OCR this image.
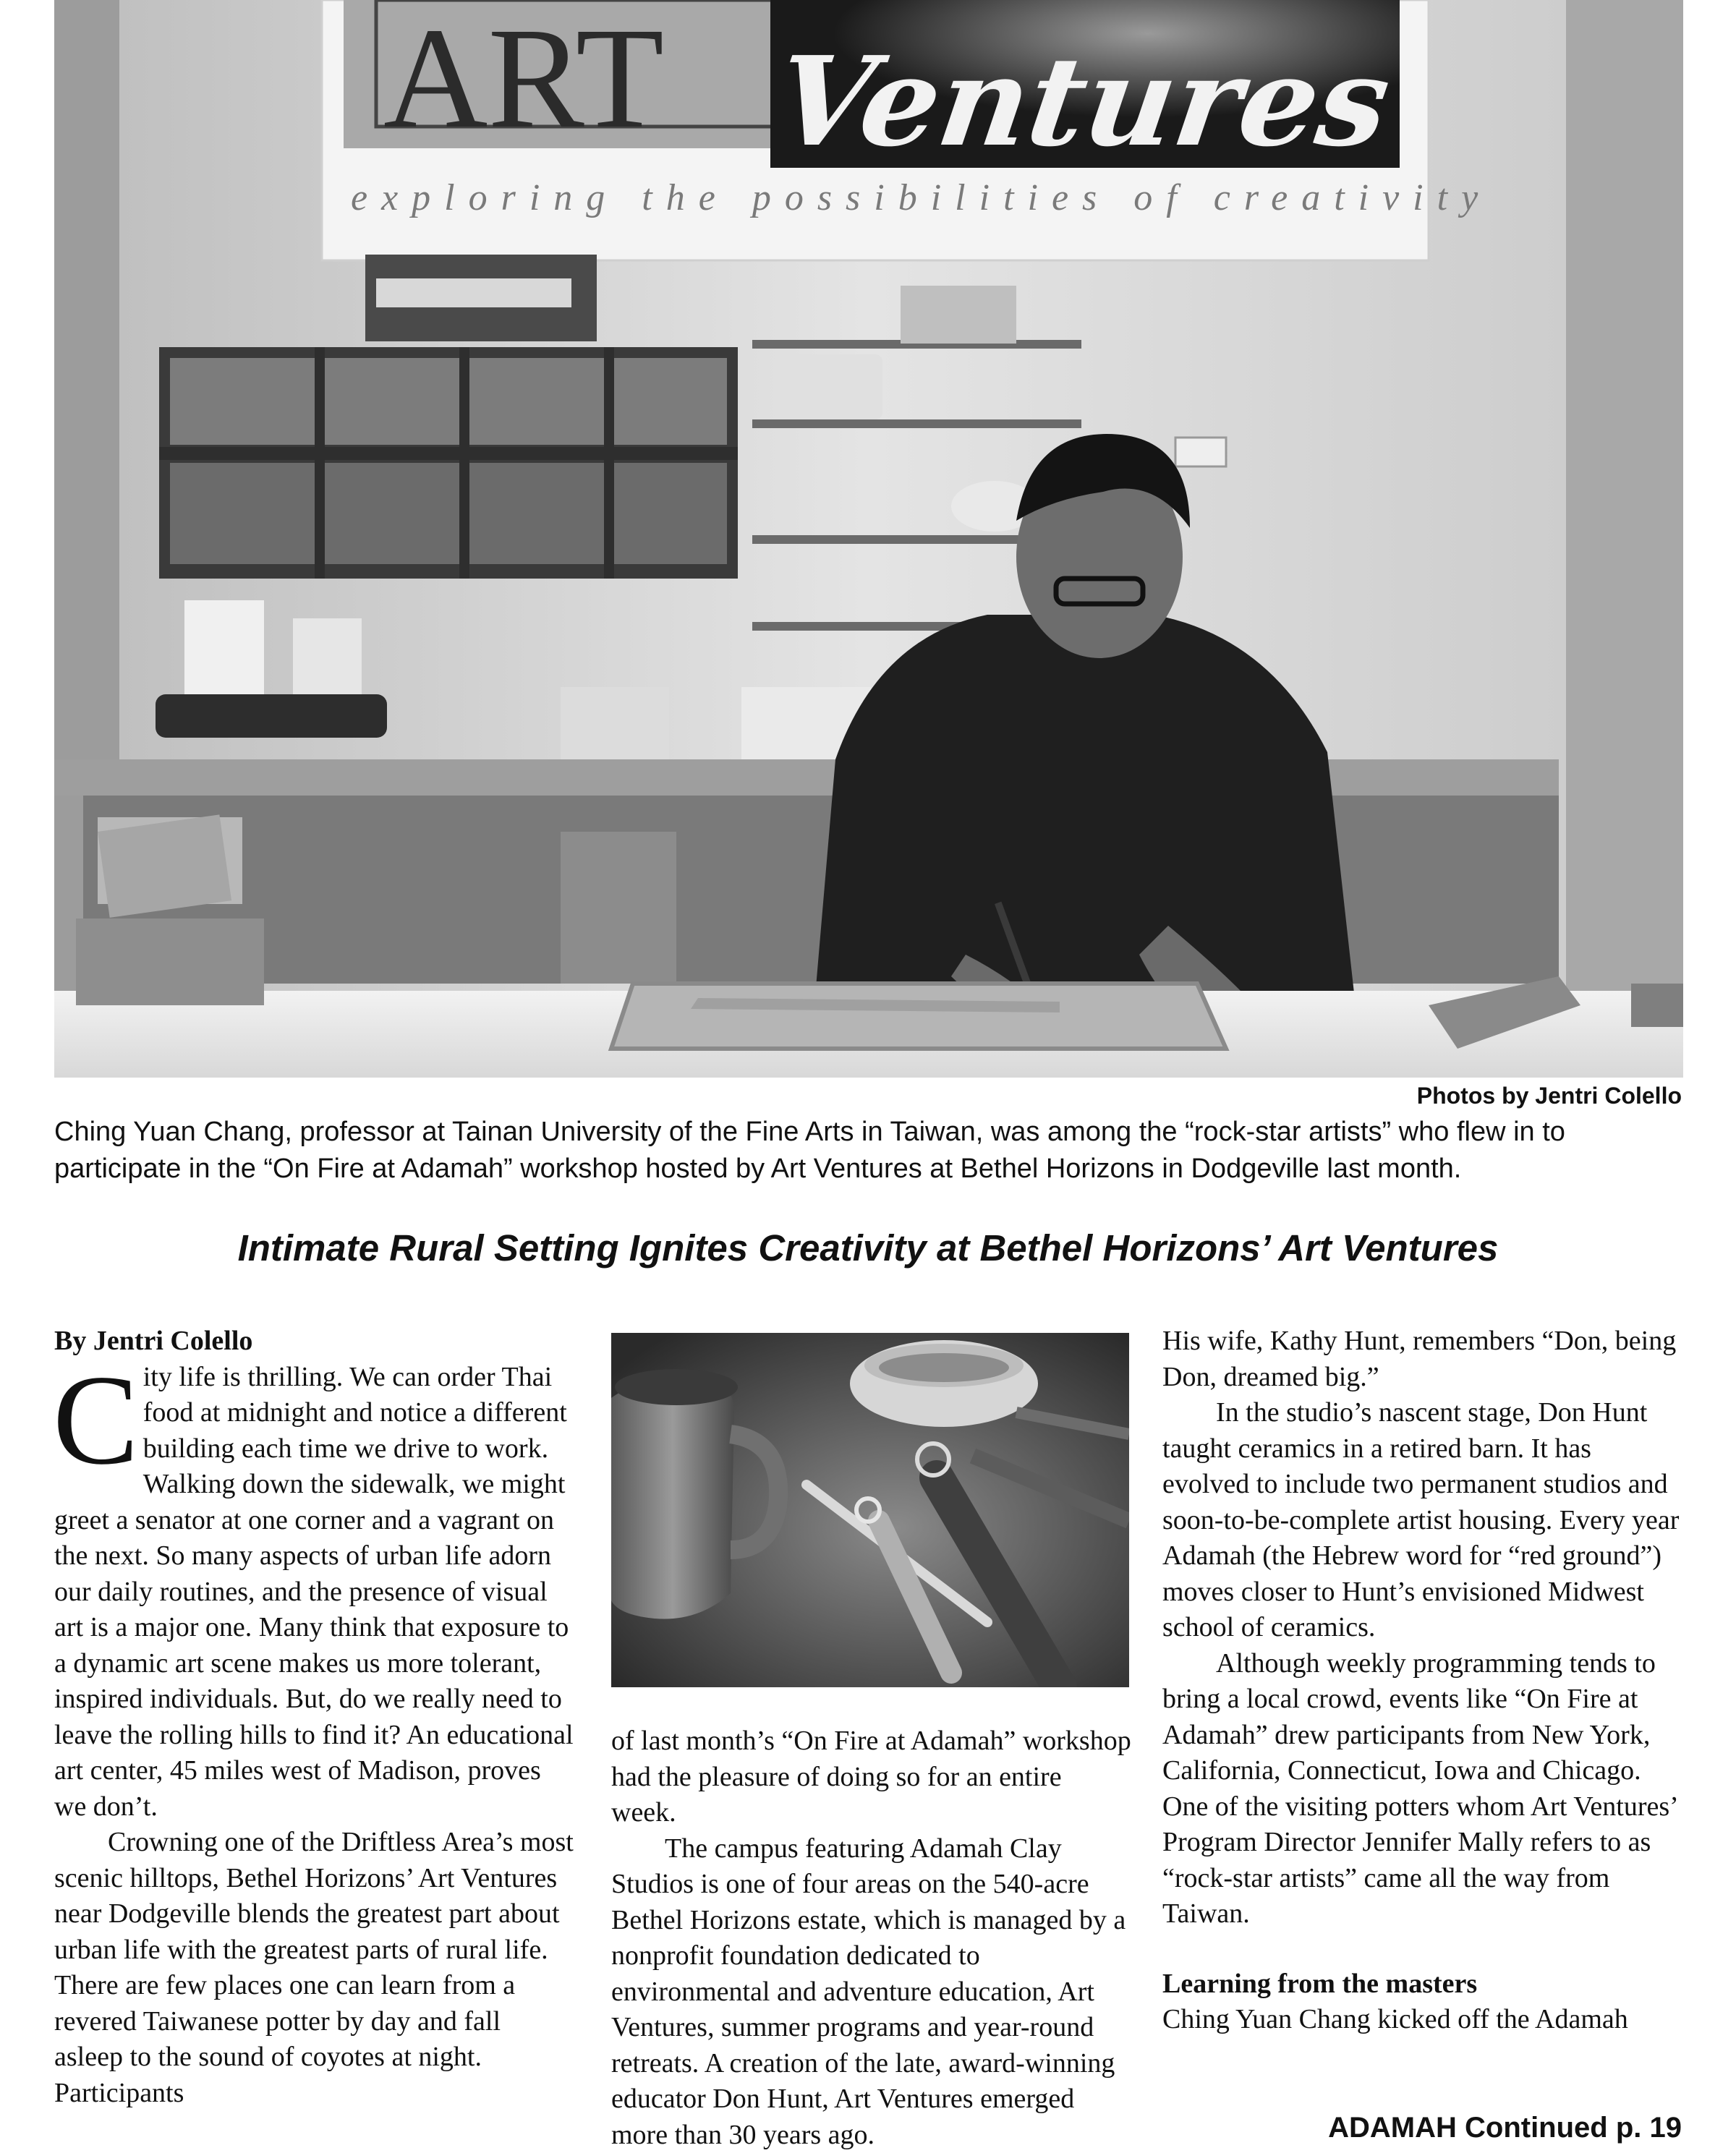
ART Ventures
exploring the possibilities of creativity
Photos by Jentri Colello
Ching Yuan Chang, professor at Tainan University of the Fine Arts in Taiwan, was among the “rock-star artists” who flew in to participate in the “On Fire at Adamah” workshop hosted by Art Ventures at Bethel Horizons in Dodgeville last month.
Intimate Rural Setting Ignites Creativity at Bethel Horizons’ Art Ventures

By Jentri Colello

City life is thrilling. We can order Thai food at midnight and notice a different building each time we drive to work. Walking down the sidewalk, we might greet a senator at one corner and a vagrant on the next. So many aspects of urban life adorn our daily routines, and the presence of visual art is a major one. Many think that exposure to a dynamic art scene makes us more tolerant, inspired individuals. But, do we really need to leave the rolling hills to find it? An educational art center, 45 miles west of Madison, proves we don’t.

Crowning one of the Driftless Area’s most scenic hilltops, Bethel Horizons’ Art Ventures near Dodgeville blends the greatest part about urban life with the greatest parts of rural life. There are few places one can learn from a revered Taiwanese potter by day and fall asleep to the sound of coyotes at night. Participants

of last month’s “On Fire at Adamah” workshop had the pleasure of doing so for an entire week.

The campus featuring Adamah Clay Studios is one of four areas on the 540-acre Bethel Horizons estate, which is managed by a nonprofit foundation dedicated to environmental and adventure education, Art Ventures, summer programs and year-round retreats. A creation of the late, award-winning educator Don Hunt, Art Ventures emerged more than 30 years ago.

His wife, Kathy Hunt, remembers “Don, being Don, dreamed big.”

In the studio’s nascent stage, Don Hunt taught ceramics in a retired barn. It has evolved to include two permanent studios and soon-to-be-complete artist housing. Every year Adamah (the Hebrew word for “red ground”) moves closer to Hunt’s envisioned Midwest school of ceramics.

Although weekly programming tends to bring a local crowd, events like “On Fire at Adamah” drew participants from New York, California, Connecticut, Iowa and Chicago. One of the visiting potters whom Art Ventures’ Program Director Jennifer Mally refers to as “rock-star artists” came all the way from Taiwan.

Learning from the masters

Ching Yuan Chang kicked off the Adamah

ADAMAH Continued p. 19
